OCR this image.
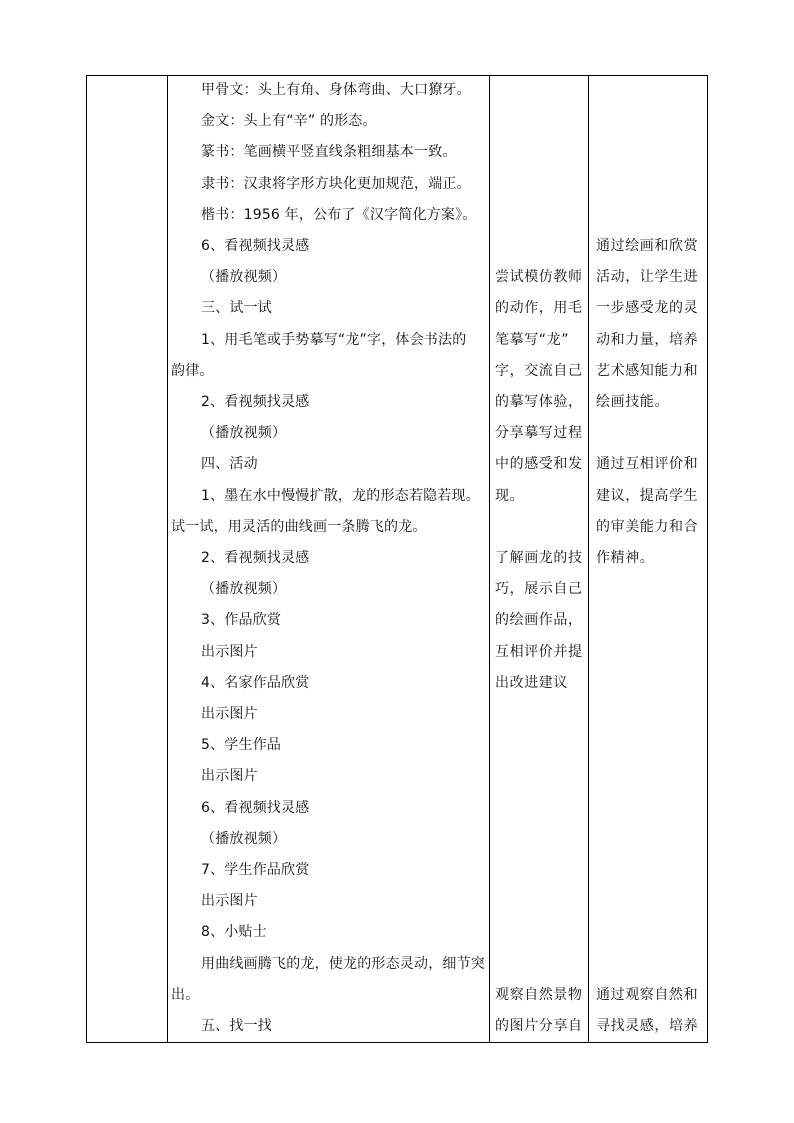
甲骨文：头上有角、身体弯曲、大口獠牙。
金文：头上有“辛” 的形态。
篆书：笔画横平竖直线条粗细基本一致。
隶书：汉隶将字形方块化更加规范，端正。
楷书：1956 年，公布了《汉字简化方案》。
6、看视频找灵感
（播放视频）
三、试一试
1、用毛笔或手势摹写“龙”字，体会书法的
韵律。
2、看视频找灵感
（播放视频）
四、活动
1、墨在水中慢慢扩散，龙的形态若隐若现。
试一试，用灵活的曲线画一条腾飞的龙。
2、看视频找灵感
（播放视频）
3、作品欣赏
出示图片
4、名家作品欣赏
出示图片
5、学生作品
出示图片
6、看视频找灵感
（播放视频）
7、学生作品欣赏
出示图片
8、小贴士
用曲线画腾飞的龙，使龙的形态灵动，细节突
出。
五、找一找
尝试模仿教师
的动作，用毛
笔摹写“龙”
字，交流自己
的摹写体验，
分享摹写过程
中的感受和发
现。
了解画龙的技
巧，展示自己
的绘画作品，
互相评价并提
出改进建议
观察自然景物
的图片分享自
通过绘画和欣赏
活动，让学生进
一步感受龙的灵
动和力量，培养
艺术感知能力和
绘画技能。
通过互相评价和
建议，提高学生
的审美能力和合
作精神。
通过观察自然和
寻找灵感，培养
